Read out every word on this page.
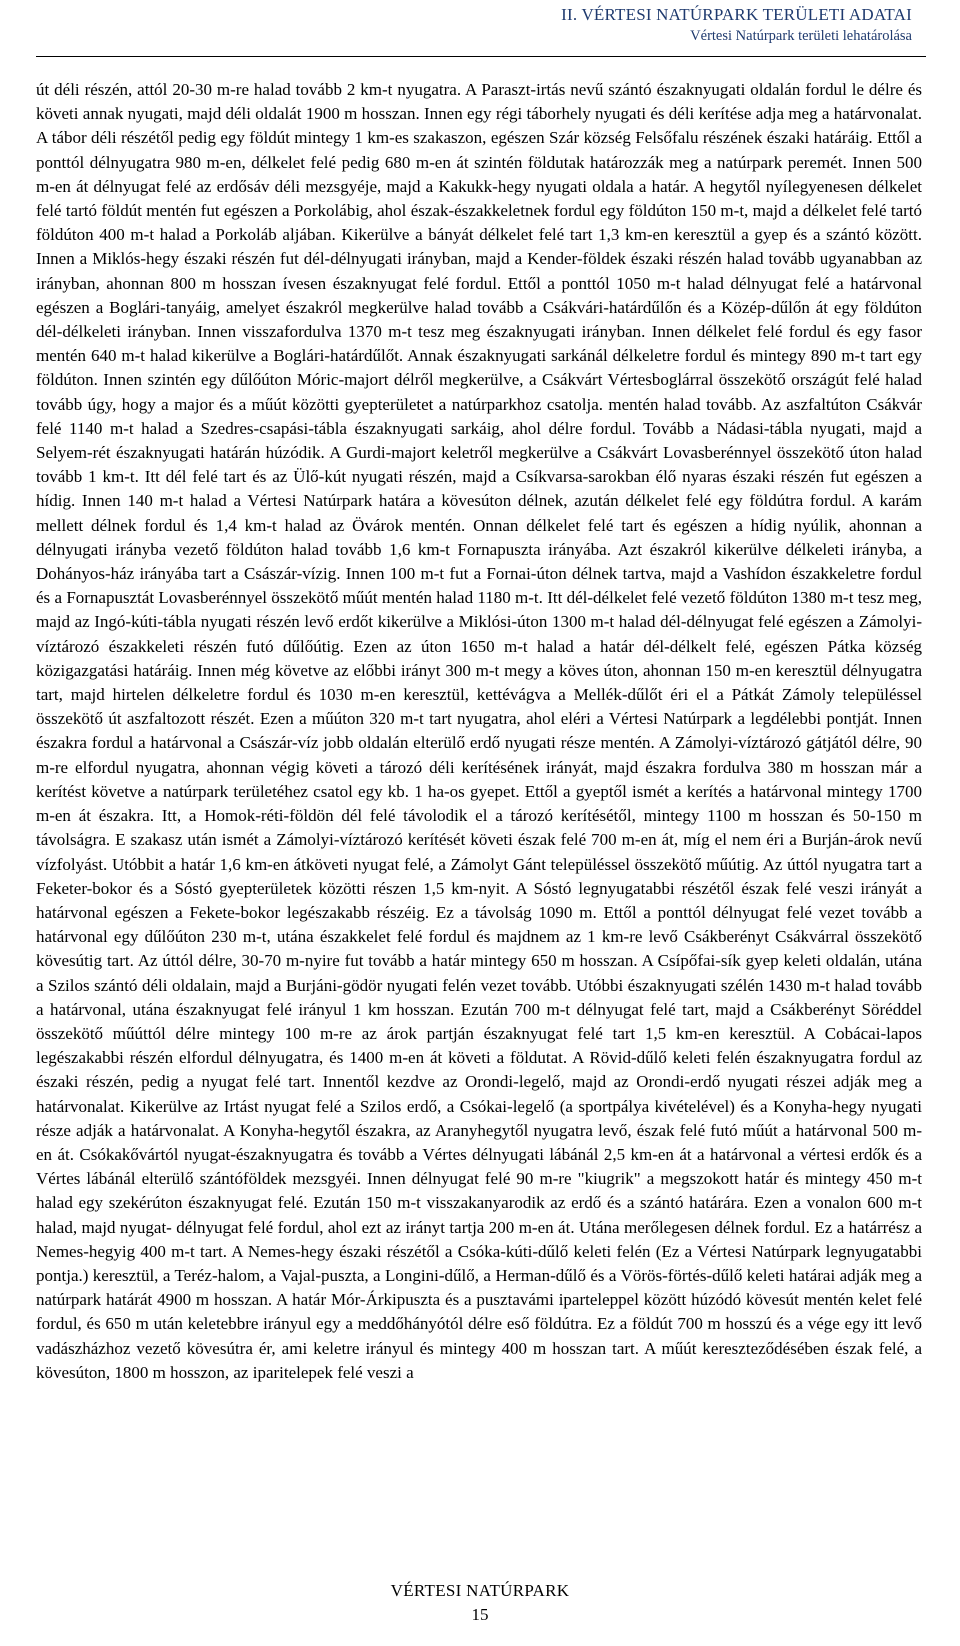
II. VÉRTESI NATÚRPARK TERÜLETI ADATAI
Vértesi Natúrpark területi lehatárolása

út déli részén, attól 20-30 m-re halad tovább 2 km-t nyugatra. A Paraszt-irtás nevű szántó északnyugati oldalán fordul le délre és követi annak nyugati, majd déli oldalát 1900 m hosszan. Innen egy régi táborhely nyugati és déli kerítése adja meg a határvonalat. A tábor déli részétől pedig egy földút mintegy 1 km-es szakaszon, egészen Szár község Felsőfalu részének északi határáig. Ettől a ponttól délnyugatra 980 m-en, délkelet felé pedig 680 m-en át szintén földutak határozzák meg a natúrpark peremét. Innen 500 m-en át délnyugat felé az erdősáv déli mezsgyéje, majd a Kakukk-hegy nyugati oldala a határ. A hegytől nyílegyenesen délkelet felé tartó földút mentén fut egészen a Porkolábig, ahol észak-északkeletnek fordul egy földúton 150 m-t, majd a délkelet felé tartó földúton 400 m-t halad a Porkoláb aljában. Kikerülve a bányát délkelet felé tart 1,3 km-en keresztül a gyep és a szántó között. Innen a Miklós-hegy északi részén fut dél-délnyugati irányban, majd a Kender-földek északi részén halad tovább ugyanabban az irányban, ahonnan 800 m hosszan ívesen északnyugat felé fordul. Ettől a ponttól 1050 m-t halad délnyugat felé a határvonal egészen a Boglári-tanyáig, amelyet északról megkerülve halad tovább a Csákvári-határdűlőn és a Közép-dűlőn át egy földúton dél-délkeleti irányban. Innen visszafordulva 1370 m-t tesz meg északnyugati irányban. Innen délkelet felé fordul és egy fasor mentén 640 m-t halad kikerülve a Boglári-határdűlőt. Annak északnyugati sarkánál délkeletre fordul és mintegy 890 m-t tart egy földúton. Innen szintén egy dűlőúton Móric-majort délről megkerülve, a Csákvárt Vértesboglárral összekötő országút felé halad tovább úgy, hogy a major és a műút közötti gyepterületet a natúrparkhoz csatolja. mentén halad tovább. Az aszfaltúton Csákvár felé 1140 m-t halad a Szedres-csapási-tábla északnyugati sarkáig, ahol délre fordul. Tovább a Nádasi-tábla nyugati, majd a Selyem-rét északnyugati határán húzódik. A Gurdi-majort keletről megkerülve a Csákvárt Lovasberénnyel összekötő úton halad tovább 1 km-t. Itt dél felé tart és az Ülő-kút nyugati részén, majd a Csíkvarsa-sarokban élő nyaras északi részén fut egészen a hídig. Innen 140 m-t halad a Vértesi Natúrpark határa a kövesúton délnek, azután délkelet felé egy földútra fordul. A karám mellett délnek fordul és 1,4 km-t halad az Övárok mentén. Onnan délkelet felé tart és egészen a hídig nyúlik, ahonnan a délnyugati irányba vezető földúton halad tovább 1,6 km-t Fornapuszta irányába. Azt északról kikerülve délkeleti irányba, a Dohányos-ház irányába tart a Császár-vízig. Innen 100 m-t fut a Fornai-úton délnek tartva, majd a Vashídon északkeletre fordul és a Fornapusztát Lovasberénnyel összekötő műút mentén halad 1180 m-t. Itt dél-délkelet felé vezető földúton 1380 m-t tesz meg, majd az Ingó-kúti-tábla nyugati részén levő erdőt kikerülve a Miklósi-úton 1300 m-t halad dél-délnyugat felé egészen a Zámolyi-víztározó északkeleti részén futó dűlőútig. Ezen az úton 1650 m-t halad a határ dél-délkelt felé, egészen Pátka község közigazgatási határáig. Innen még követve az előbbi irányt 300 m-t megy a köves úton, ahonnan 150 m-en keresztül délnyugatra tart, majd hirtelen délkeletre fordul és 1030 m-en keresztül, kettévágva a Mellék-dűlőt éri el a Pátkát Zámoly településsel összekötő út aszfaltozott részét. Ezen a műúton 320 m-t tart nyugatra, ahol eléri a Vértesi Natúrpark a legdélebbi pontját. Innen északra fordul a határvonal a Császár-víz jobb oldalán elterülő erdő nyugati része mentén. A Zámolyi-víztározó gátjától délre, 90 m-re elfordul nyugatra, ahonnan végig követi a tározó déli kerítésének irányát, majd északra fordulva 380 m hosszan már a kerítést követve a natúrpark területéhez csatol egy kb. 1 ha-os gyepet. Ettől a gyeptől ismét a kerítés a határvonal mintegy 1700 m-en át északra. Itt, a Homok-réti-földön dél felé távolodik el a tározó kerítésétől, mintegy 1100 m hosszan és 50-150 m távolságra. E szakasz után ismét a Zámolyi-víztározó kerítését követi észak felé 700 m-en át, míg el nem éri a Burján-árok nevű vízfolyást. Utóbbit a határ 1,6 km-en átköveti nyugat felé, a Zámolyt Gánt településsel összekötő műútig. Az úttól nyugatra tart a Feketer-bokor és a Sóstó gyepterületek közötti részen 1,5 km-nyit. A Sóstó legnyugatabbi részétől észak felé veszi irányát a határvonal egészen a Fekete-bokor legészakabb részéig. Ez a távolság 1090 m. Ettől a ponttól délnyugat felé vezet tovább a határvonal egy dűlőúton 230 m-t, utána északkelet felé fordul és majdnem az 1 km-re levő Csákberényt Csákvárral összekötő kövesútig tart. Az úttól délre, 30-70 m-nyire fut tovább a határ mintegy 650 m hosszan. A Csípőfai-sík gyep keleti oldalán, utána a Szilos szántó déli oldalain, majd a Burjáni-gödör nyugati felén vezet tovább. Utóbbi északnyugati szélén 1430 m-t halad tovább a határvonal, utána északnyugat felé irányul 1 km hosszan. Ezután 700 m-t délnyugat felé tart, majd a Csákberényt Söréddel összekötő műúttól délre mintegy 100 m-re az árok partján északnyugat felé tart 1,5 km-en keresztül. A Cobácai-lapos legészakabbi részén elfordul délnyugatra, és 1400 m-en át követi a földutat. A Rövid-dűlő keleti felén északnyugatra fordul az északi részén, pedig a nyugat felé tart. Innentől kezdve az Orondi-legelő, majd az Orondi-erdő nyugati részei adják meg a határvonalat. Kikerülve az Irtást nyugat felé a Szilos erdő, a Csókai-legelő (a sportpálya kivételével) és a Konyha-hegy nyugati része adják a határvonalat. A Konyha-hegytől északra, az Aranyhegytől nyugatra levő, észak felé futó műút a határvonal 500 m-en át. Csókakővártól nyugat-északnyugatra és tovább a Vértes délnyugati lábánál 2,5 km-en át a határvonal a vértesi erdők és a Vértes lábánál elterülő szántóföldek mezsgyéi. Innen délnyugat felé 90 m-re "kiugrik" a megszokott határ és mintegy 450 m-t halad egy szekérúton északnyugat felé. Ezután 150 m-t visszakanyarodik az erdő és a szántó határára. Ezen a vonalon 600 m-t halad, majd nyugat- délnyugat felé fordul, ahol ezt az irányt tartja 200 m-en át. Utána merőlegesen délnek fordul. Ez a határrész a Nemes-hegyig 400 m-t tart. A Nemes-hegy északi részétől a Csóka-kúti-dűlő keleti felén (Ez a Vértesi Natúrpark legnyugatabbi pontja.) keresztül, a Teréz-halom, a Vajal-puszta, a Longini-dűlő, a Herman-dűlő és a Vörös-förtés-dűlő keleti határai adják meg a natúrpark határát 4900 m hosszan. A határ Mór-Árkipuszta és a pusztavámi iparteleppel között húzódó kövesút mentén kelet felé fordul, és 650 m után keletebbre irányul egy a meddőhányótól délre eső földútra. Ez a földút 700 m hosszú és a vége egy itt levő vadászházhoz vezető kövesútra ér, ami keletre irányul és mintegy 400 m hosszan tart. A műút kereszteződésében észak felé, a kövesúton, 1800 m hosszon, az iparitelepek felé veszi a

VÉRTESI NATÚRPARK
15
